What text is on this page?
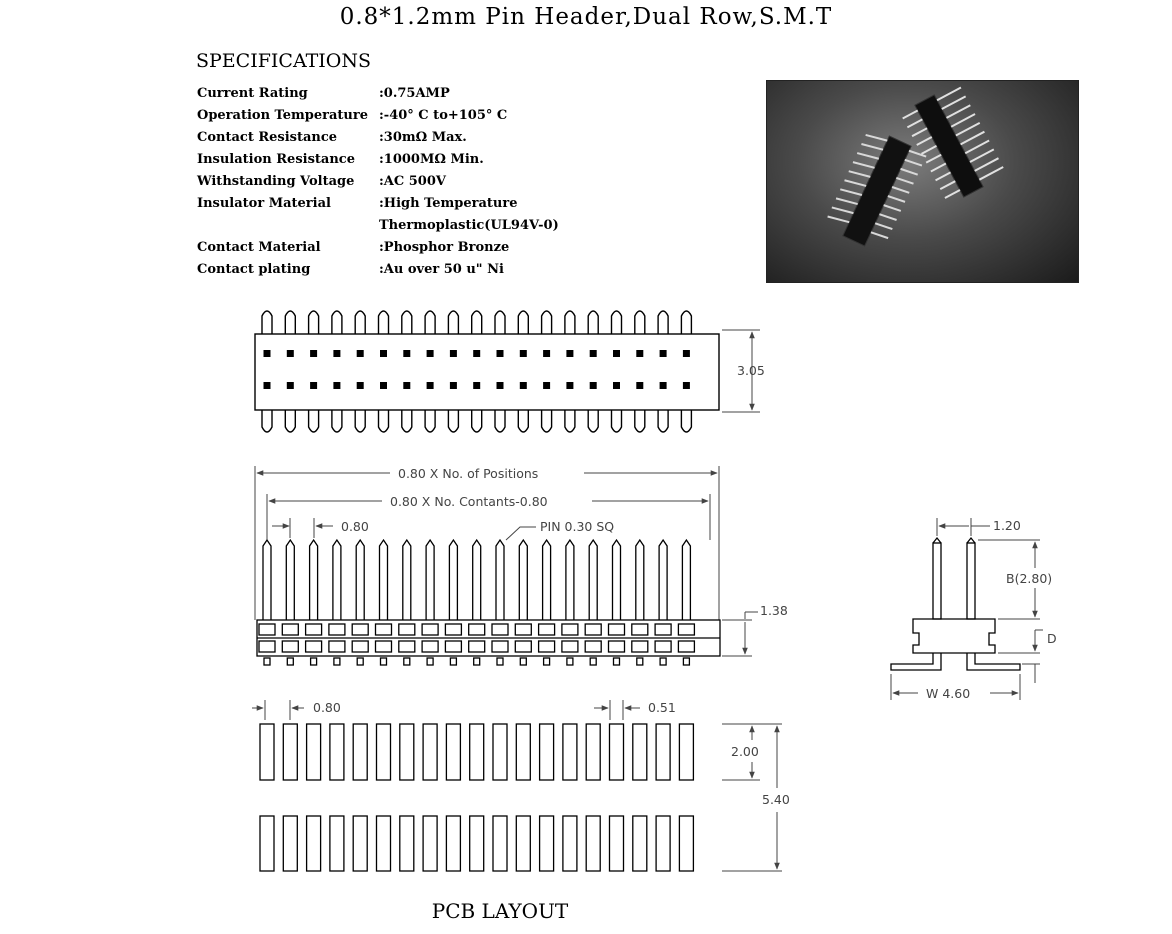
0.8*1.2mm Pin Header,Dual Row,S.M.T
SPECIFICATIONS
Current Rating	:0.75AMP
Operation Temperature	:-40° C to+105° C
Contact Resistance	:30mΩ Max.
Insulation Resistance	:1000MΩ Min.
Withstanding Voltage	:AC 500V
Insulator Material	:High Temperature
	Thermoplastic(UL94V-0)
Contact Material	:Phosphor Bronze
Contact plating	:Au over 50 u" Ni
3.05
0.80 X No. of Positions
0.80 X No. Contants-0.80
0.80	PIN 0.30 SQ
1.38
1.20
B(2.80)
D
W 4.60
0.80	0.51
2.00
5.40
PCB LAYOUT
